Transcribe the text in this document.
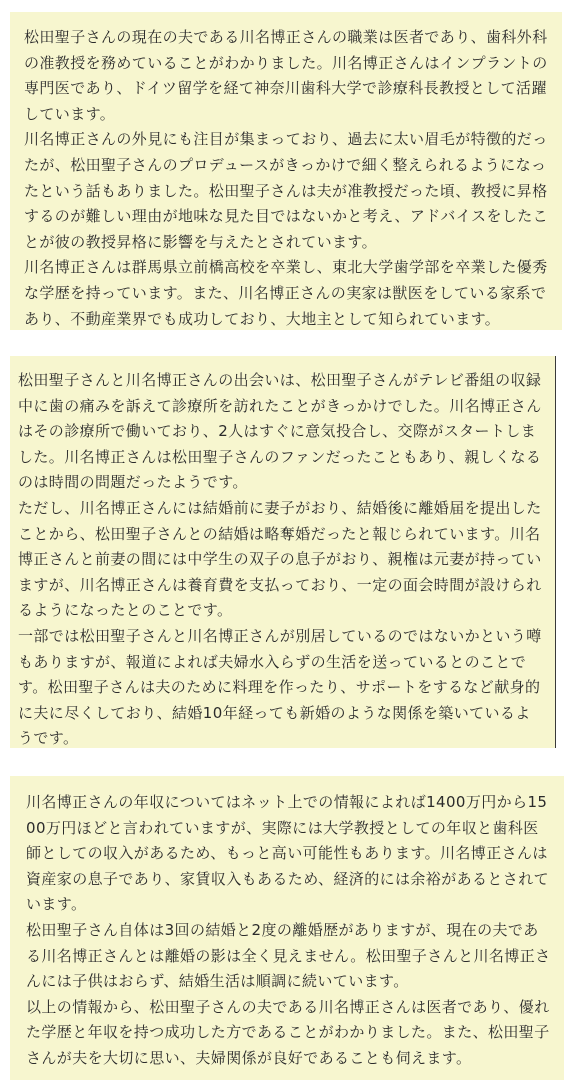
松田聖子さんの現在の夫である川名博正さんの職業は医者であり、歯科外科の准教授を務めていることがわかりました。川名博正さんはインプラントの専門医であり、ドイツ留学を経て神奈川歯科大学で診療科長教授として活躍しています。

川名博正さんの外見にも注目が集まっており、過去に太い眉毛が特徴的だったが、松田聖子さんのプロデュースがきっかけで細く整えられるようになったという話もありました。松田聖子さんは夫が准教授だった頃、教授に昇格するのが難しい理由が地味な見た目ではないかと考え、アドバイスをしたことが彼の教授昇格に影響を与えたとされています。

川名博正さんは群馬県立前橋高校を卒業し、東北大学歯学部を卒業した優秀な学歴を持っています。また、川名博正さんの実家は獣医をしている家系であり、不動産業界でも成功しており、大地主として知られています。

松田聖子さんと川名博正さんの出会いは、松田聖子さんがテレビ番組の収録中に歯の痛みを訴えて診療所を訪れたことがきっかけでした。川名博正さんはその診療所で働いており、2人はすぐに意気投合し、交際がスタートしました。川名博正さんは松田聖子さんのファンだったこともあり、親しくなるのは時間の問題だったようです。

ただし、川名博正さんには結婚前に妻子がおり、結婚後に離婚届を提出したことから、松田聖子さんとの結婚は略奪婚だったと報じられています。川名博正さんと前妻の間には中学生の双子の息子がおり、親権は元妻が持っていますが、川名博正さんは養育費を支払っており、一定の面会時間が設けられるようになったとのことです。

一部では松田聖子さんと川名博正さんが別居しているのではないかという噂もありますが、報道によれば夫婦水入らずの生活を送っているとのことです。松田聖子さんは夫のために料理を作ったり、サポートをするなど献身的に夫に尽くしており、結婚10年経っても新婚のような関係を築いているようです。

川名博正さんの年収についてはネット上での情報によれば1400万円から1500万円ほどと言われていますが、実際には大学教授としての年収と歯科医師としての収入があるため、もっと高い可能性もあります。川名博正さんは資産家の息子であり、家賃収入もあるため、経済的には余裕があるとされています。

松田聖子さん自体は3回の結婚と2度の離婚歴がありますが、現在の夫である川名博正さんとは離婚の影は全く見えません。松田聖子さんと川名博正さんには子供はおらず、結婚生活は順調に続いています。

以上の情報から、松田聖子さんの夫である川名博正さんは医者であり、優れた学歴と年収を持つ成功した方であることがわかりました。また、松田聖子さんが夫を大切に思い、夫婦関係が良好であることも伺えます。
